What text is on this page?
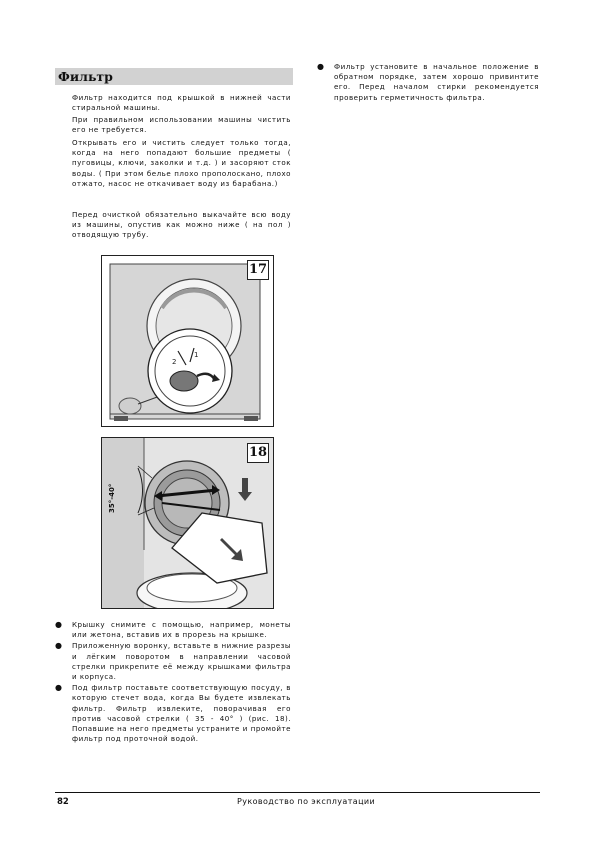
Фильтр

Фильтр находится под крышкой в нижней части стиральной машины.

При правильном использовании машины чистить его не требуется.

Открывать его и чистить следует только тогда, когда на него попадают большие предметы ( пуговицы, ключи, заколки и т.д. ) и засоряют сток воды. ( При этом белье плохо прополоскано, плохо отжато, насос не откачивает воду из барабана.)

Перед очисткой обязательно выкачайте всю воду из машины, опустив как можно ниже ( на пол ) отводящую трубу.

2
1
17
35°-40°
18
● Крышку снимите с помощью, например, монеты или жетона, вставив их в прорезь на крышке.
● Приложенную воронку, вставьте в нижние разрезы и лёгким поворотом в направлении часовой стрелки прикрепите её между крышками фильтра и корпуса.
● Под фильтр поставьте соответствующую посуду, в которую стечет вода, когда Вы будете извлекать фильтр. Фильтр извлеките, поворачивая его против часовой стрелки ( 35 - 40° ) (рис. 18). Попавшие на него предметы устраните и промойте фильтр под проточной водой.
● Фильтр установите в начальное положение в обратном порядке, затем хорошо привинтите его. Перед началом стирки рекомендуется проверить герметичность фильтра.
82	Руководство по эксплуатации
